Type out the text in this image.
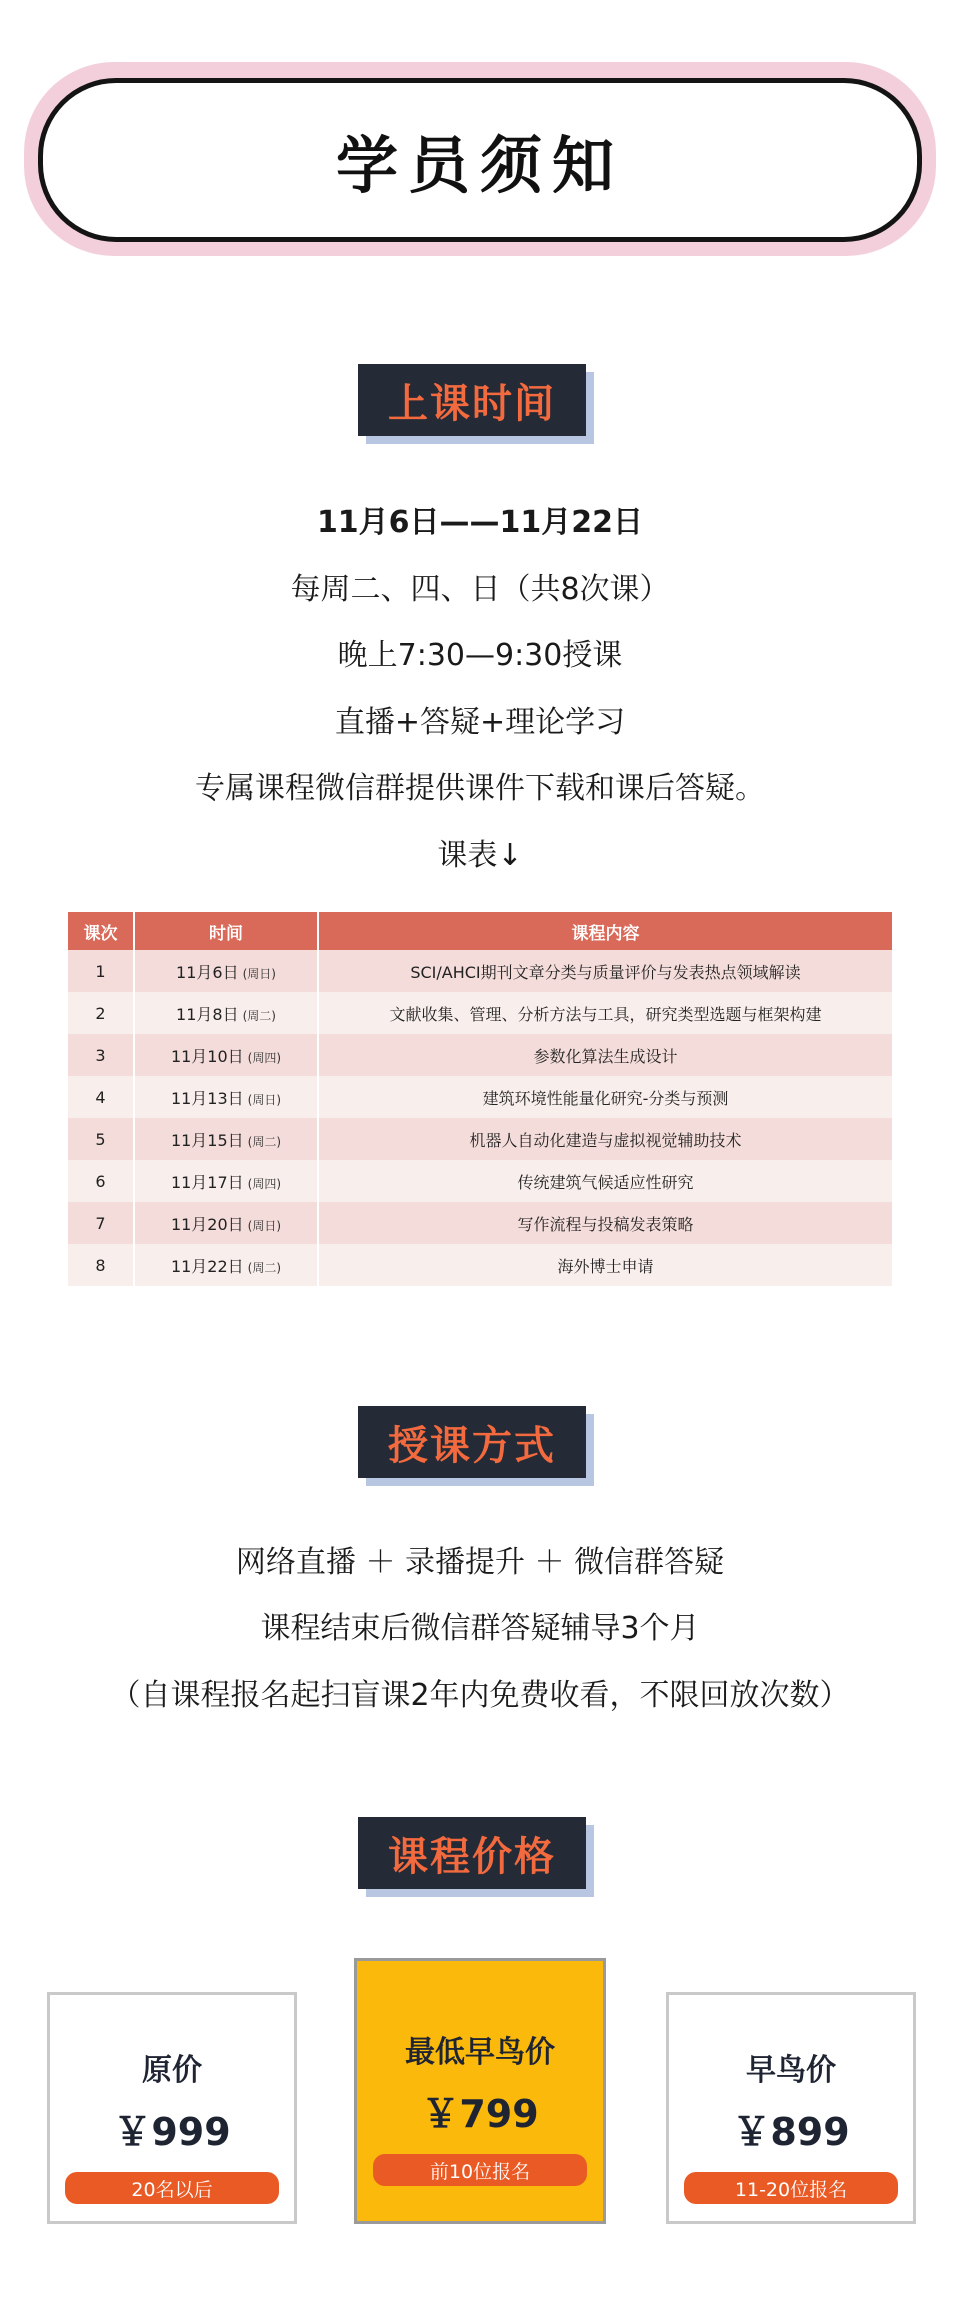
学员须知
上课时间
11月6日——11月22日
每周二、四、日（共8次课）
晚上7:30—9:30授课
直播+答疑+理论学习
专属课程微信群提供课件下载和课后答疑。
课表↓
课次	时间	课程内容
1	11月6日 (周日)	SCI/AHCI期刊文章分类与质量评价与发表热点领域解读
2	11月8日 (周二)	文献收集、管理、分析方法与工具，研究类型选题与框架构建
3	11月10日 (周四)	参数化算法生成设计
4	11月13日 (周日)	建筑环境性能量化研究-分类与预测
5	11月15日 (周二)	机器人自动化建造与虚拟视觉辅助技术
6	11月17日 (周四)	传统建筑气候适应性研究
7	11月20日 (周日)	写作流程与投稿发表策略
8	11月22日 (周二)	海外博士申请
授课方式
网络直播 ＋ 录播提升 ＋ 微信群答疑
课程结束后微信群答疑辅导3个月
（自课程报名起扫盲课2年内免费收看，不限回放次数）
课程价格
原价
￥999
20名以后
最低早鸟价
￥799
前10位报名
早鸟价
￥899
11-20位报名
